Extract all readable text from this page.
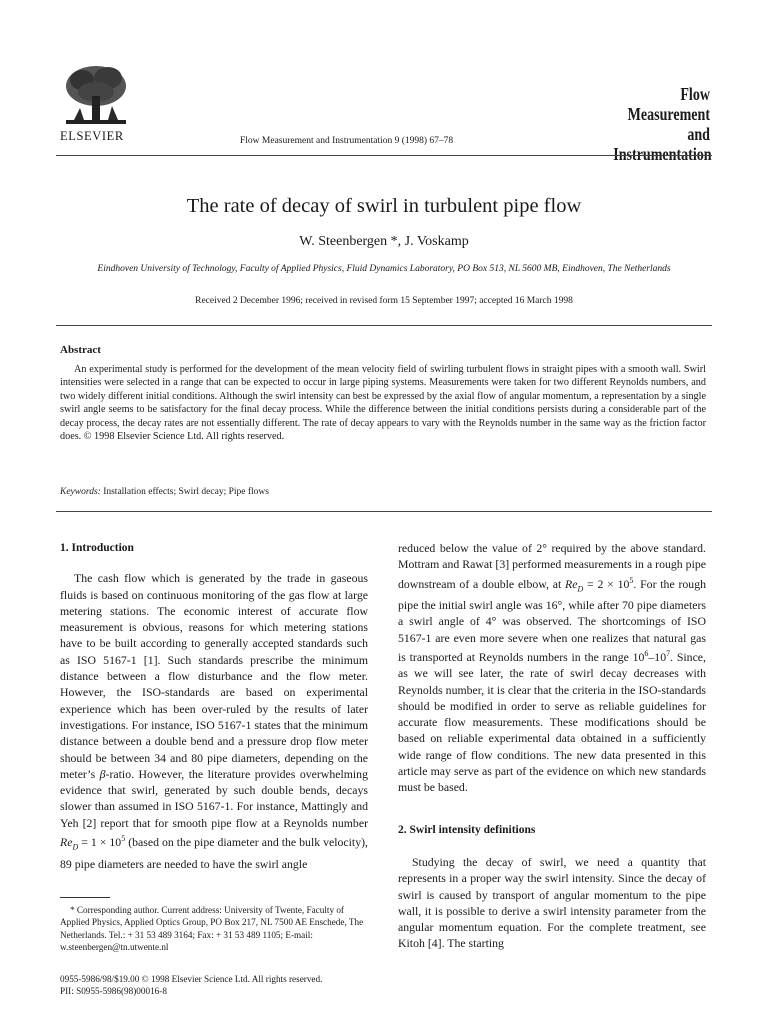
ELSEVIER	Flow Measurement and Instrumentation 9 (1998) 67–78
Flow Measurement
and Instrumentation
The rate of decay of swirl in turbulent pipe flow
W. Steenbergen *, J. Voskamp
Eindhoven University of Technology, Faculty of Applied Physics, Fluid Dynamics Laboratory, PO Box 513, NL 5600 MB, Eindhoven, The Netherlands
Received 2 December 1996; received in revised form 15 September 1997; accepted 16 March 1998
Abstract
An experimental study is performed for the development of the mean velocity field of swirling turbulent flows in straight pipes with a smooth wall. Swirl intensities were selected in a range that can be expected to occur in large piping systems. Measurements were taken for two different Reynolds numbers, and two widely different initial conditions. Although the swirl intensity can best be expressed by the axial flow of angular momentum, a representation by a single swirl angle seems to be satisfactory for the final decay process. While the difference between the initial conditions persists during a considerable part of the decay process, the decay rates are not essentially different. The rate of decay appears to vary with the Reynolds number in the same way as the friction factor does. © 1998 Elsevier Science Ltd. All rights reserved.
Keywords: Installation effects; Swirl decay; Pipe flows
1. Introduction

The cash flow which is generated by the trade in gaseous fluids is based on continuous monitoring of the gas flow at large metering stations. The economic interest of accurate flow measurement is obvious, reasons for which metering stations have to be built according to generally accepted standards such as ISO 5167-1 [1]. Such standards prescribe the minimum distance between a flow disturbance and the flow meter. However, the ISO-standards are based on experimental experience which has been over-ruled by the results of later investigations. For instance, ISO 5167-1 states that the minimum distance between a double bend and a pressure drop flow meter should be between 34 and 80 pipe diameters, depending on the meter’s β-ratio. However, the literature provides overwhelming evidence that swirl, generated by such double bends, decays slower than assumed in ISO 5167-1. For instance, Mattingly and Yeh [2] report that for smooth pipe flow at a Reynolds number $Re_D = 1 \times 10^5$ (based on the pipe diameter and the bulk velocity), 89 pipe diameters are needed to have the swirl angle

reduced below the value of 2° required by the above standard. Mottram and Rawat [3] performed measurements in a rough pipe downstream of a double elbow, at $Re_D = 2 \times 10^5$. For the rough pipe the initial swirl angle was 16°, while after 70 pipe diameters a swirl angle of 4° was observed. The shortcomings of ISO 5167-1 are even more severe when one realizes that natural gas is transported at Reynolds numbers in the range $10^6-10^7$. Since, as we will see later, the rate of swirl decay decreases with Reynolds number, it is clear that the criteria in the ISO-standards should be modified in order to serve as reliable guidelines for accurate flow measurements. These modifications should be based on reliable experimental data obtained in a sufficiently wide range of flow conditions. The new data presented in this article may serve as part of the evidence on which new standards must be based.

2. Swirl intensity definitions

Studying the decay of swirl, we need a quantity that represents in a proper way the swirl intensity. Since the decay of swirl is caused by transport of angular momentum to the pipe wall, it is possible to derive a swirl intensity parameter from the angular momentum equation. For the complete treatment, see Kitoh [4]. The starting

* Corresponding author. Current address: University of Twente, Faculty of Applied Physics, Applied Optics Group, PO Box 217, NL 7500 AE Enschede, The Netherlands. Tel.: + 31 53 489 3164; Fax: + 31 53 489 1105; E-mail: w.steenbergen@tn.utwente.nl
0955-5986/98/$19.00 © 1998 Elsevier Science Ltd. All rights reserved.
PII: S0955-5986(98)00016-8
